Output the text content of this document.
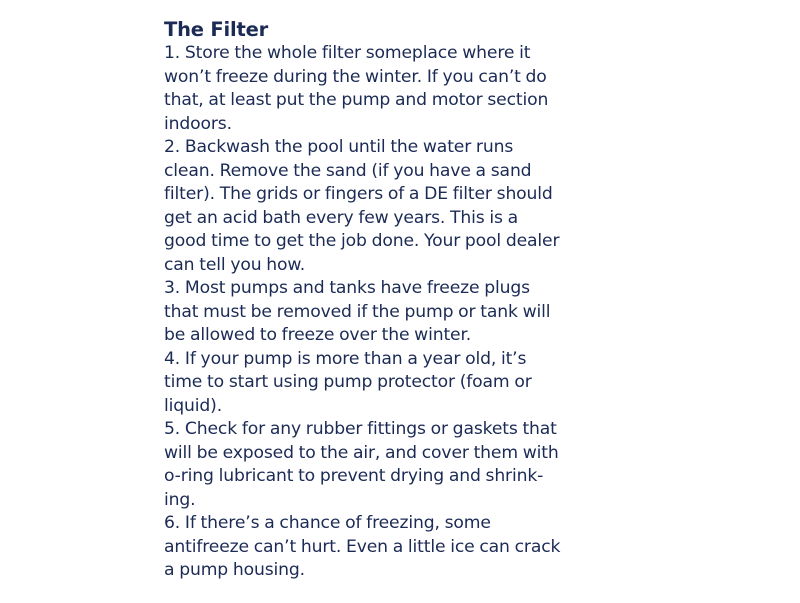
The Filter

1. Store the whole filter someplace where it
won’t freeze during the winter. If you can’t do
that, at least put the pump and motor section
indoors.

2. Backwash the pool until the water runs
clean. Remove the sand (if you have a sand
filter). The grids or fingers of a DE filter should
get an acid bath every few years. This is a
good time to get the job done. Your pool dealer
can tell you how.

3. Most pumps and tanks have freeze plugs
that must be removed if the pump or tank will
be allowed to freeze over the winter.

4. If your pump is more than a year old, it’s
time to start using pump protector (foam or
liquid).

5. Check for any rubber fittings or gaskets that
will be exposed to the air, and cover them with
o-ring lubricant to prevent drying and shrink-
ing.

6. If there’s a chance of freezing, some
antifreeze can’t hurt. Even a little ice can crack
a pump housing.
